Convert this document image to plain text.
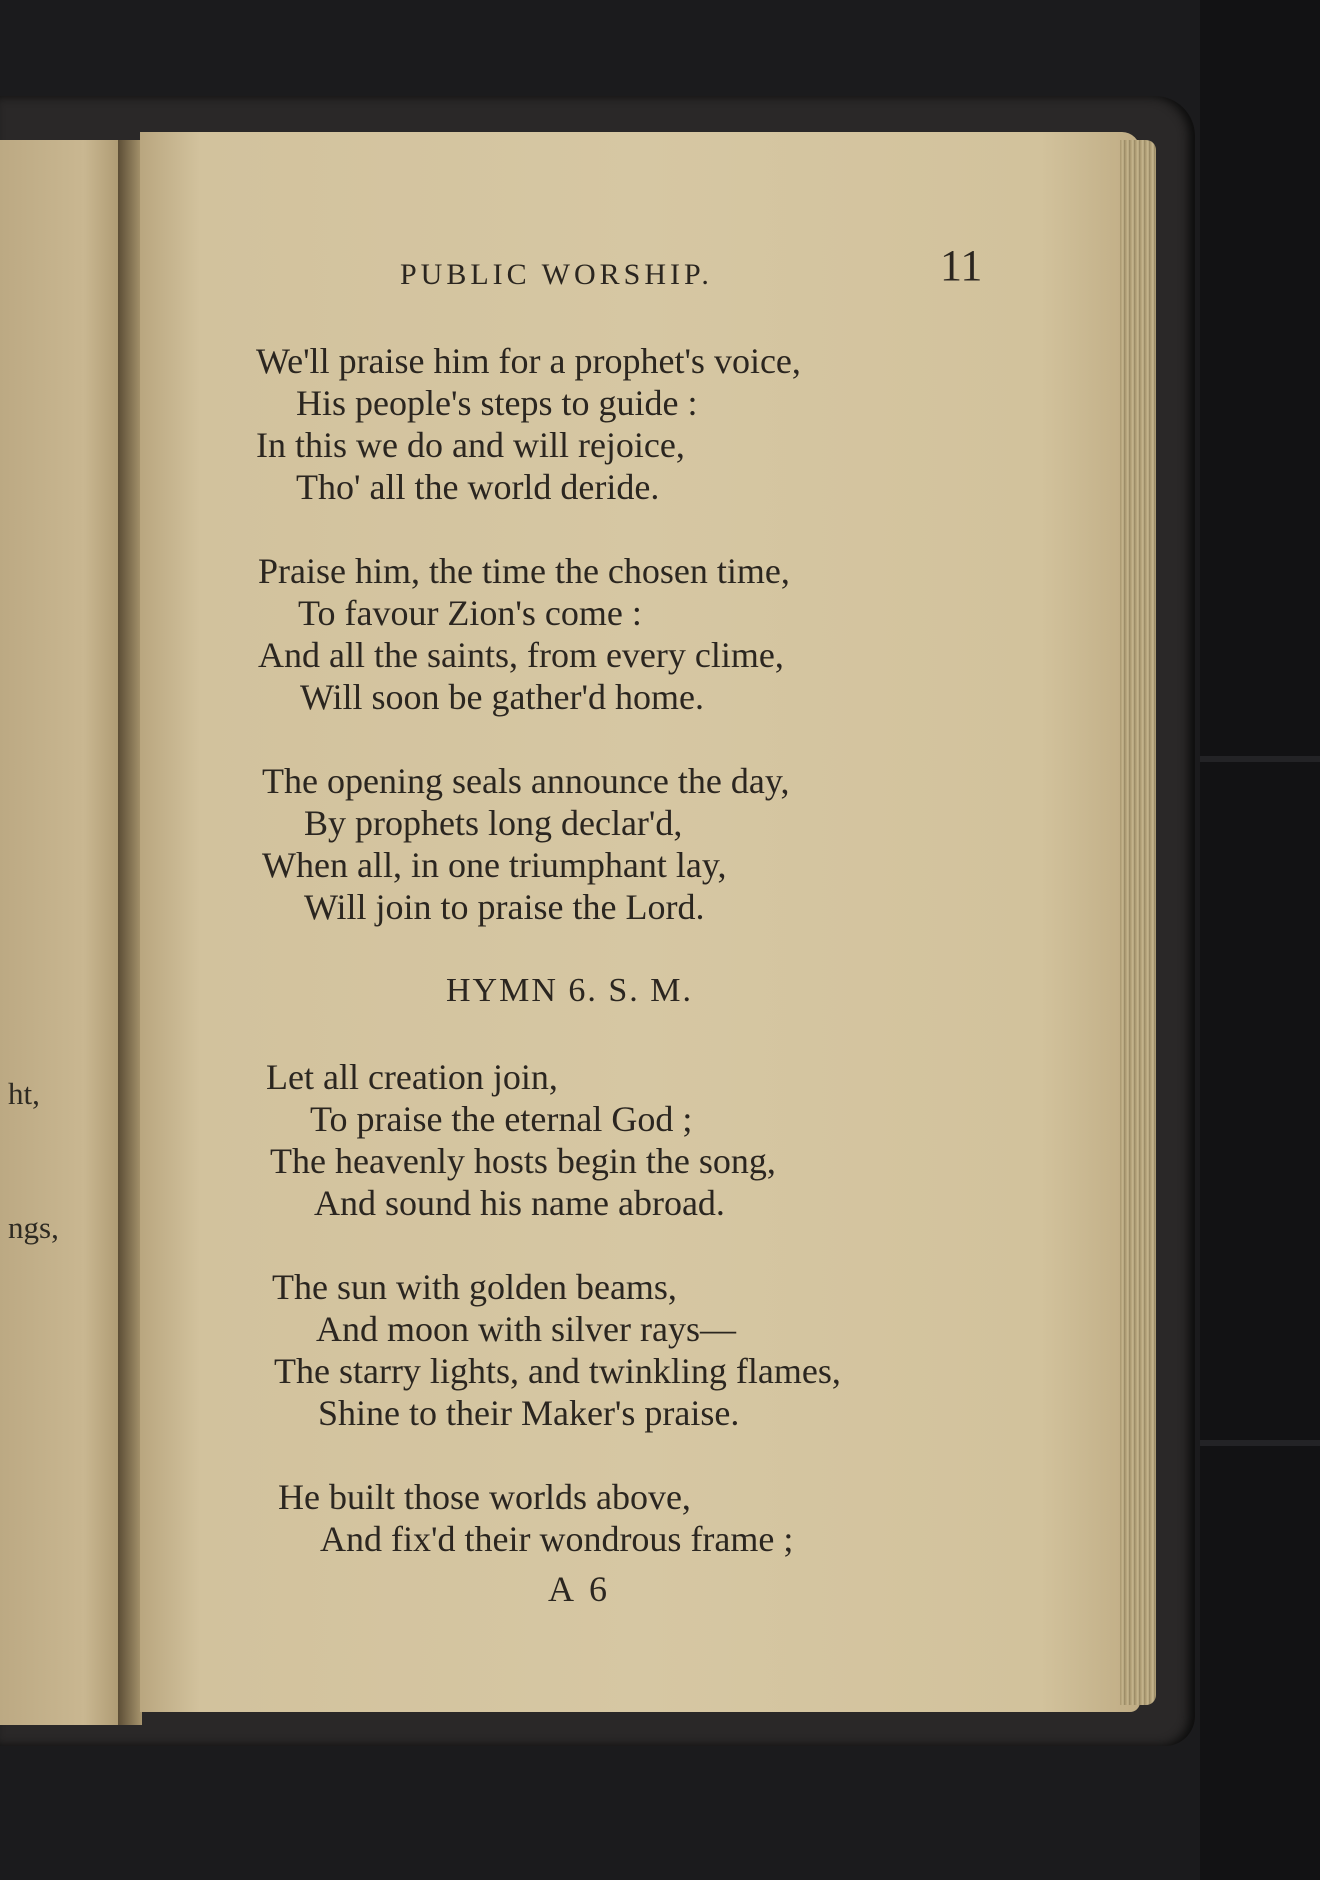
ht,
ngs,
PUBLIC WORSHIP.	11
We'll praise him for a prophet's voice,
His people's steps to guide :
In this we do and will rejoice,
Tho' all the world deride.
Praise him, the time the chosen time,
To favour Zion's come :
And all the saints, from every clime,
Will soon be gather'd home.
The opening seals announce the day,
By prophets long declar'd,
When all, in one triumphant lay,
Will join to praise the Lord.
HYMN 6. S. M.
Let all creation join,
To praise the eternal God ;
The heavenly hosts begin the song,
And sound his name abroad.
The sun with golden beams,
And moon with silver rays—
The starry lights, and twinkling flames,
Shine to their Maker's praise.
He built those worlds above,
And fix'd their wondrous frame ;
A 6
